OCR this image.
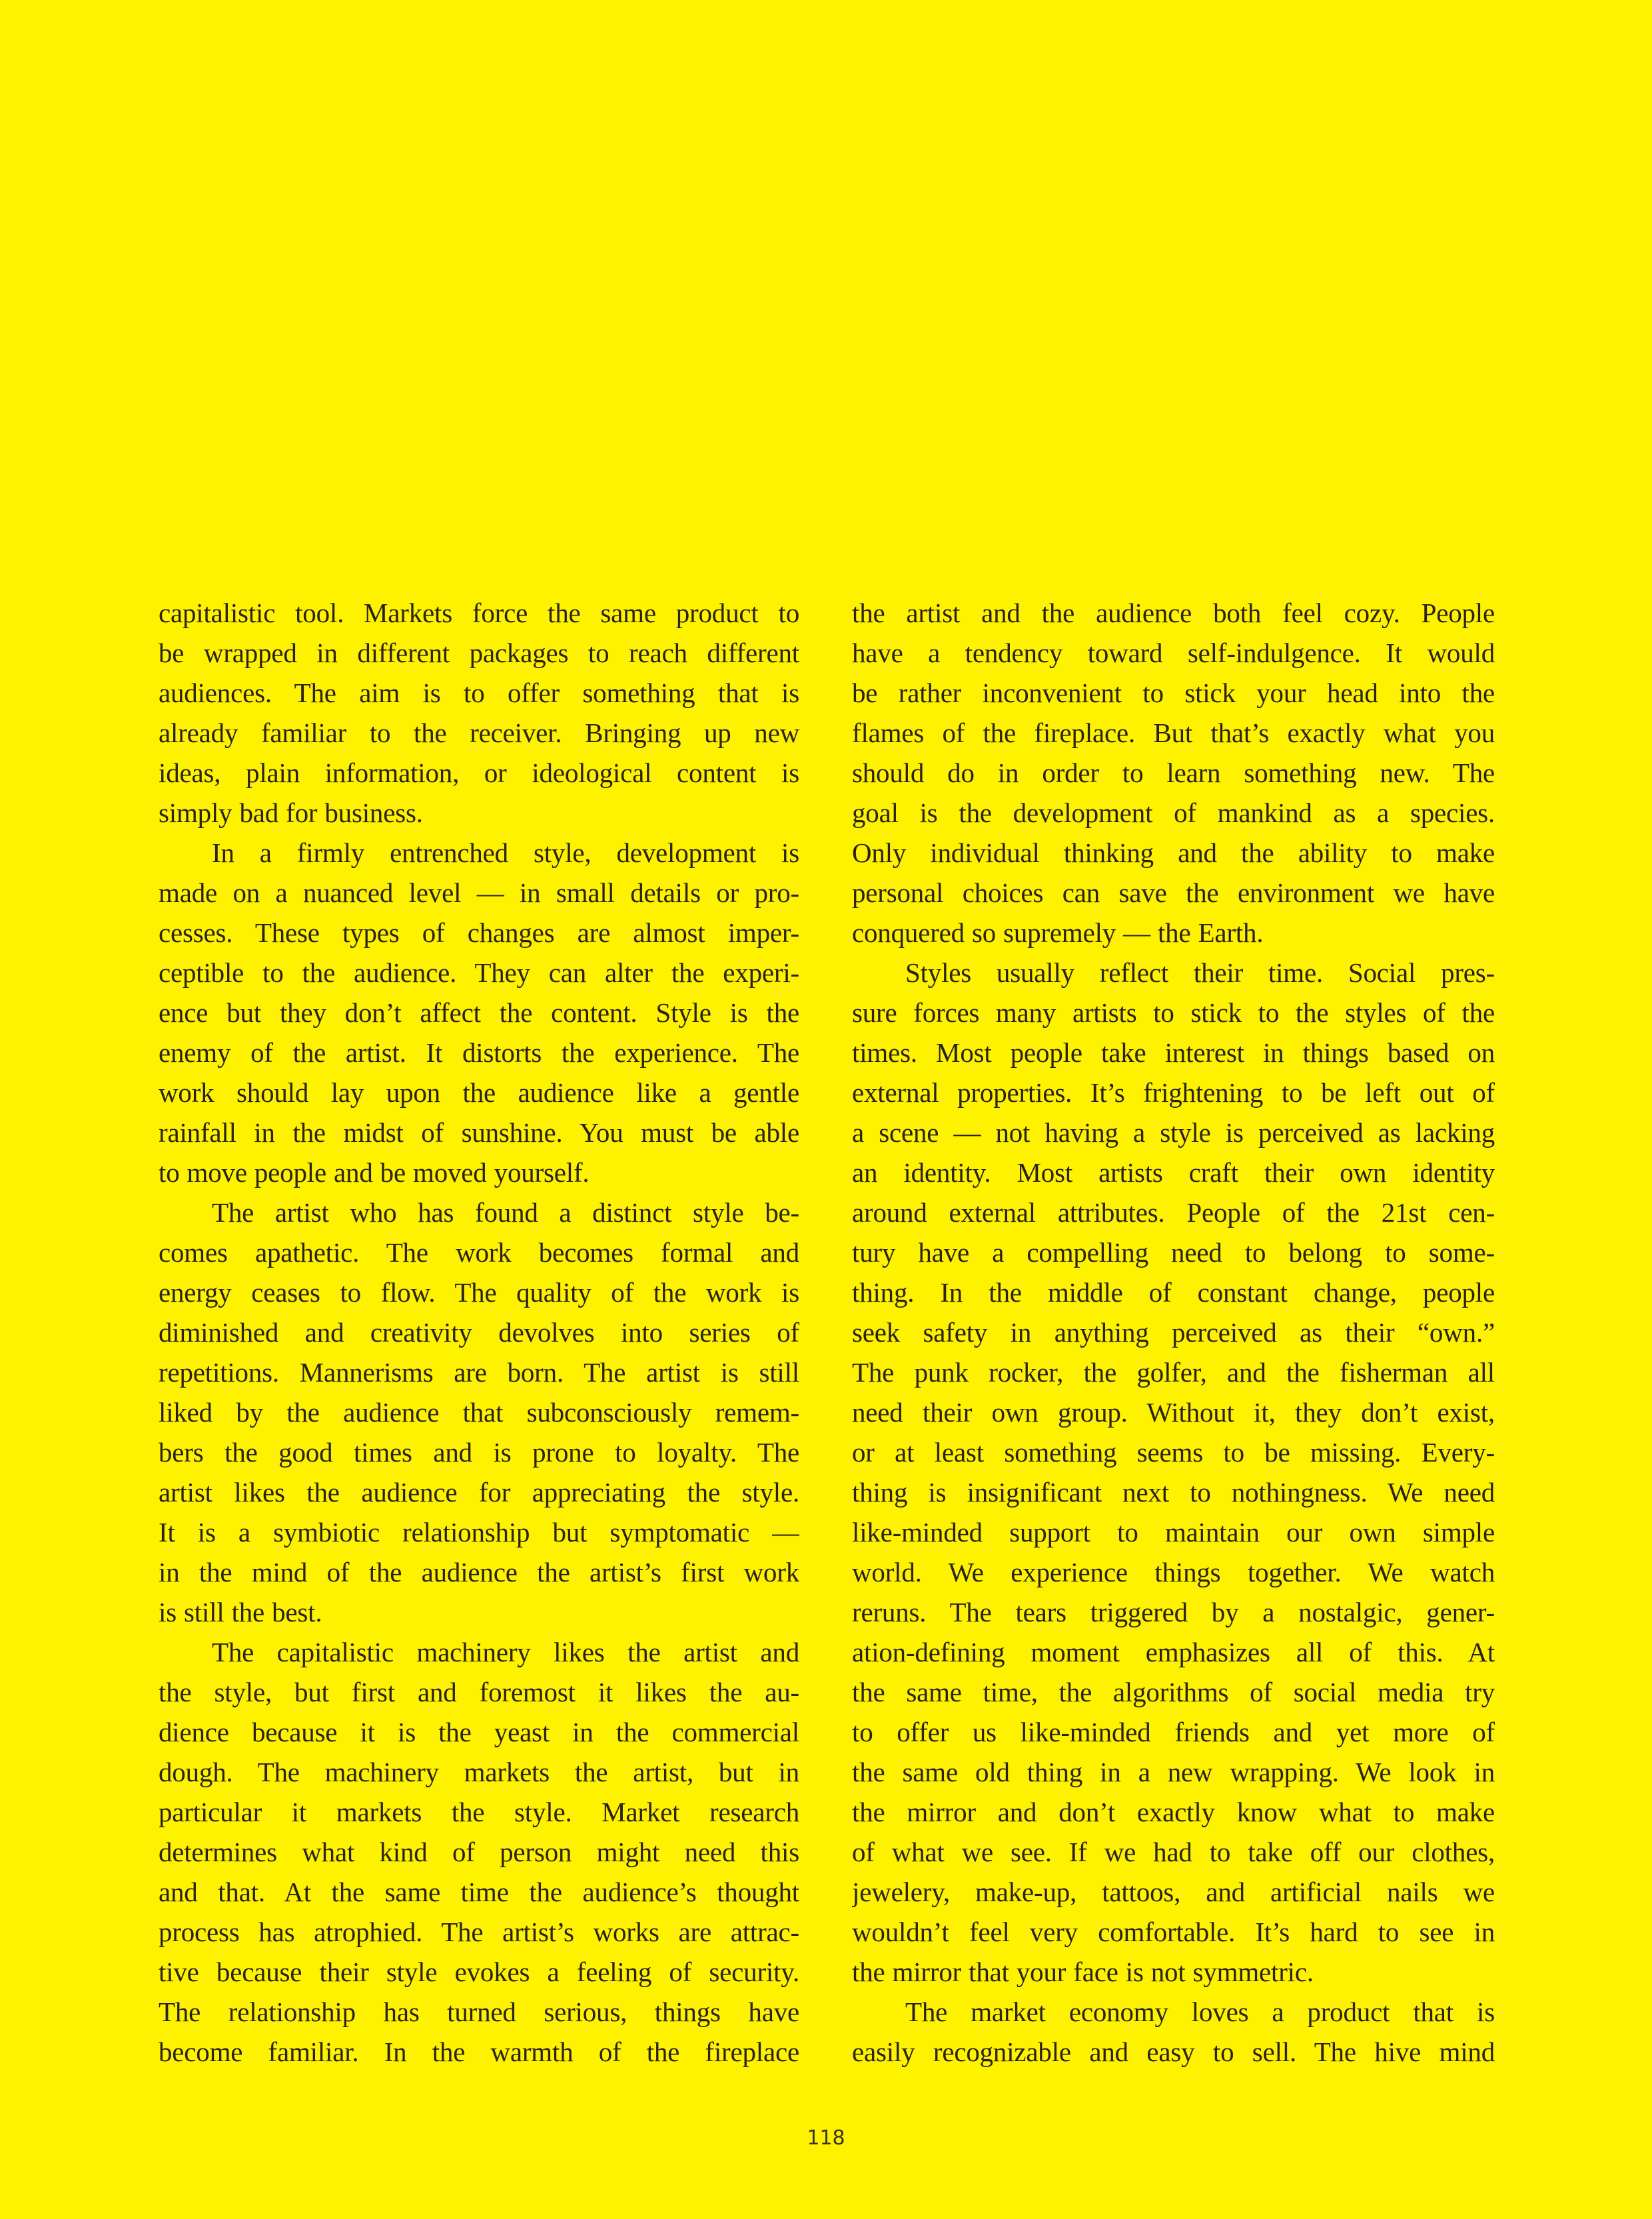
capitalistic tool. Markets force the same product to
be wrapped in different packages to reach different
audiences. The aim is to offer something that is
already familiar to the receiver. Bringing up new
ideas, plain information, or ideological content is
simply bad for business.
In a firmly entrenched style, development is
made on a nuanced level — in small details or pro-
cesses. These types of changes are almost imper-
ceptible to the audience. They can alter the experi-
ence but they don’t affect the content. Style is the
enemy of the artist. It distorts the experience. The
work should lay upon the audience like a gentle
rainfall in the midst of sunshine. You must be able
to move people and be moved yourself.
The artist who has found a distinct style be-
comes apathetic. The work becomes formal and
energy ceases to flow. The quality of the work is
diminished and creativity devolves into series of
repetitions. Mannerisms are born. The artist is still
liked by the audience that subconsciously remem-
bers the good times and is prone to loyalty. The
artist likes the audience for appreciating the style.
It is a symbiotic relationship but symptomatic —
in the mind of the audience the artist’s first work
is still the best.
The capitalistic machinery likes the artist and
the style, but first and foremost it likes the au-
dience because it is the yeast in the commercial
dough. The machinery markets the artist, but in
particular it markets the style. Market research
determines what kind of person might need this
and that. At the same time the audience’s thought
process has atrophied. The artist’s works are attrac-
tive because their style evokes a feeling of security.
The relationship has turned serious, things have
become familiar. In the warmth of the fireplace
the artist and the audience both feel cozy. People
have a tendency toward self-indulgence. It would
be rather inconvenient to stick your head into the
flames of the fireplace. But that’s exactly what you
should do in order to learn something new. The
goal is the development of mankind as a species.
Only individual thinking and the ability to make
personal choices can save the environment we have
conquered so supremely — the Earth.
Styles usually reflect their time. Social pres-
sure forces many artists to stick to the styles of the
times. Most people take interest in things based on
external properties. It’s frightening to be left out of
a scene — not having a style is perceived as lacking
an identity. Most artists craft their own identity
around external attributes. People of the 21st cen-
tury have a compelling need to belong to some-
thing. In the middle of constant change, people
seek safety in anything perceived as their “own.”
The punk rocker, the golfer, and the fisherman all
need their own group. Without it, they don’t exist,
or at least something seems to be missing. Every-
thing is insignificant next to nothingness. We need
like-minded support to maintain our own simple
world. We experience things together. We watch
reruns. The tears triggered by a nostalgic, gener-
ation-defining moment emphasizes all of this. At
the same time, the algorithms of social media try
to offer us like-minded friends and yet more of
the same old thing in a new wrapping. We look in
the mirror and don’t exactly know what to make
of what we see. If we had to take off our clothes,
jewelery, make-up, tattoos, and artificial nails we
wouldn’t feel very comfortable. It’s hard to see in
the mirror that your face is not symmetric.
The market economy loves a product that is
easily recognizable and easy to sell. The hive mind
118
